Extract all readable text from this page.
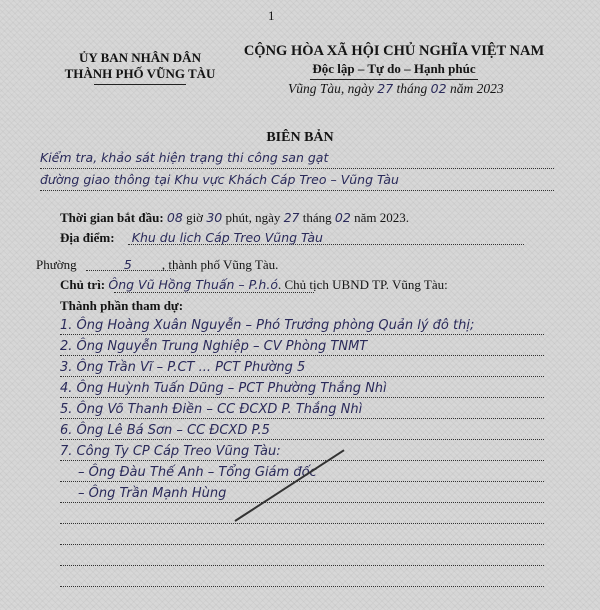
1
ỦY BAN NHÂN DÂN
THÀNH PHỐ VŨNG TÀU
CỘNG HÒA XÃ HỘI CHỦ NGHĨA VIỆT NAM
Độc lập – Tự do – Hạnh phúc
Vũng Tàu, ngày 27 tháng 02 năm 2023
BIÊN BẢN
Kiểm tra, khảo sát hiện trạng thi công san gạt
đường giao thông tại Khu vực Khách Cáp Treo – Vũng Tàu
Thời gian bắt đầu: 08 giờ 30 phút, ngày 27 tháng 02 năm 2023.
Địa điểm: Khu du lịch Cáp Treo Vũng Tàu
Phường	5 , thành phố Vũng Tàu.
Chủ trì: Ông Vũ Hồng Thuấn – P.h.ó. Chủ tịch UBND TP. Vũng Tàu:
Thành phần tham dự:
1. Ông Hoàng Xuân Nguyễn – Phó Trưởng phòng Quản lý đô thị;
2. Ông Nguyễn Trung Nghiệp – CV Phòng TNMT
3. Ông Trần Vĩ – P.CT ... PCT Phường 5
4. Ông Huỳnh Tuấn Dũng – PCT Phường Thắng Nhì
5. Ông Võ Thanh Điền – CC ĐCXD P. Thắng Nhì
6. Ông Lê Bá Sơn – CC ĐCXD P.5
7. Công Ty CP Cáp Treo Vũng Tàu:
– Ông Đàu Thế Anh – Tổng Giám đốc
– Ông Trần Mạnh Hùng
